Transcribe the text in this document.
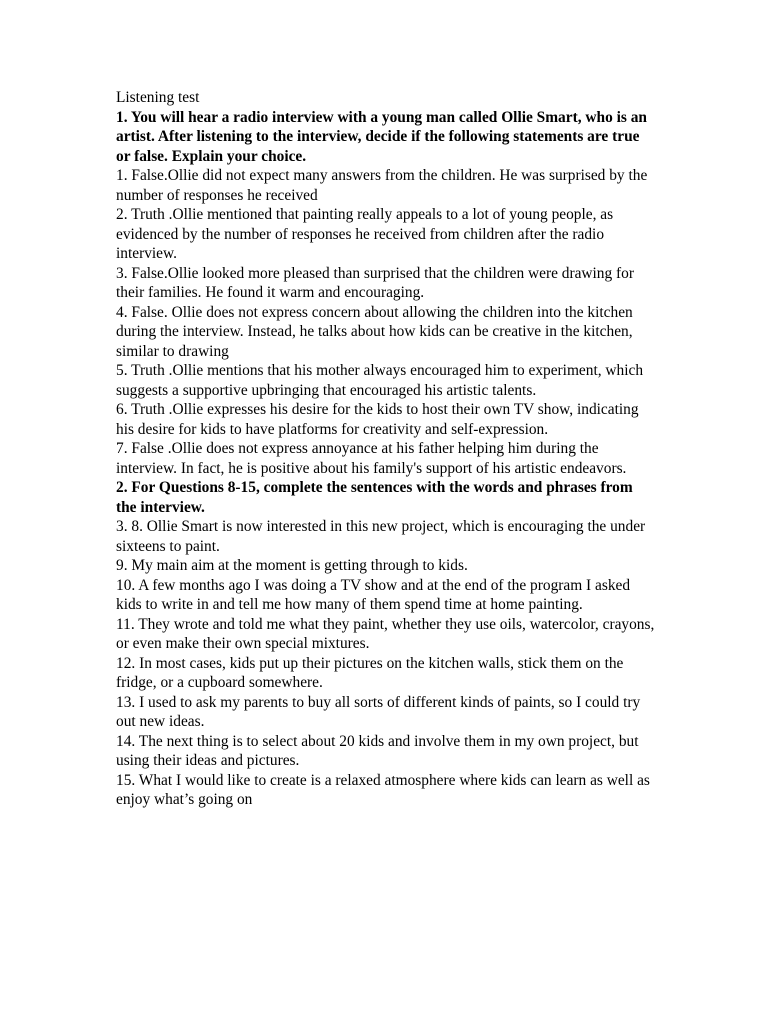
Listening test

1. You will hear a radio interview with a young man called Ollie Smart, who is an artist. After listening to the interview, decide if the following statements are true or false. Explain your choice.

1. False.Ollie did not expect many answers from the children. He was surprised by the number of responses he received

2. Truth .Ollie mentioned that painting really appeals to a lot of young people, as evidenced by the number of responses he received from children after the radio interview.

3. False.Ollie looked more pleased than surprised that the children were drawing for their families. He found it warm and encouraging.

4. False. Ollie does not express concern about allowing the children into the kitchen during the interview. Instead, he talks about how kids can be creative in the kitchen, similar to drawing

5. Truth .Ollie mentions that his mother always encouraged him to experiment, which suggests a supportive upbringing that encouraged his artistic talents.

6. Truth .Ollie expresses his desire for the kids to host their own TV show, indicating his desire for kids to have platforms for creativity and self-expression.

7. False .Ollie does not express annoyance at his father helping him during the interview. In fact, he is positive about his family's support of his artistic endeavors.

2. For Questions 8-15, complete the sentences with the words and phrases from the interview.

3. 8. Ollie Smart is now interested in this new project, which is encouraging the under sixteens to paint.

9. My main aim at the moment is getting through to kids.

10. A few months ago I was doing a TV show and at the end of the program I asked kids to write in and tell me how many of them spend time at home painting.

11. They wrote and told me what they paint, whether they use oils, watercolor, crayons, or even make their own special mixtures.

12. In most cases, kids put up their pictures on the kitchen walls, stick them on the fridge, or a cupboard somewhere.

13. I used to ask my parents to buy all sorts of different kinds of paints, so I could try out new ideas.

14. The next thing is to select about 20 kids and involve them in my own project, but using their ideas and pictures.

15. What I would like to create is a relaxed atmosphere where kids can learn as well as enjoy what’s going on
